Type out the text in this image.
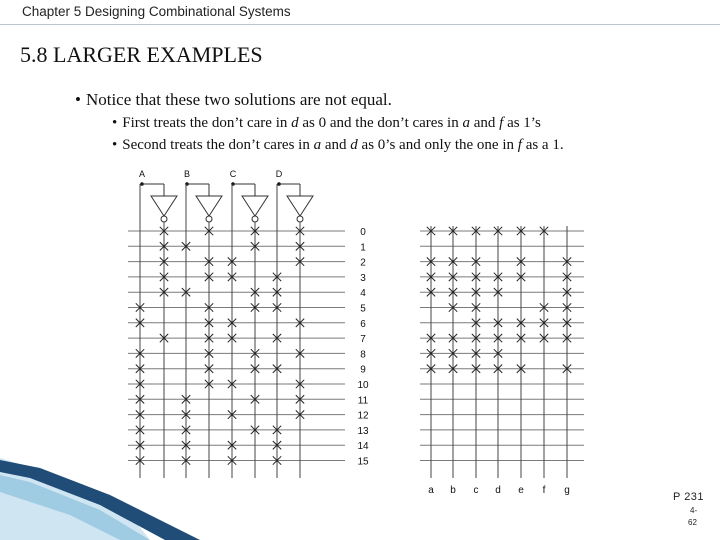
Chapter 5 Designing Combinational Systems
5.8 LARGER EXAMPLES
• Notice that these two solutions are not equal.
• First treats the don’t care in d as 0 and the don’t cares in a and f as 1’s
• Second treats the don’t cares in a and d as 0’s and only the one in f as a 1.
0
1
2
3
4
5
6
7
8
9
10
11
12
13
14
15
A	B	C	D
a b c d e f g
P 231
4-
62
